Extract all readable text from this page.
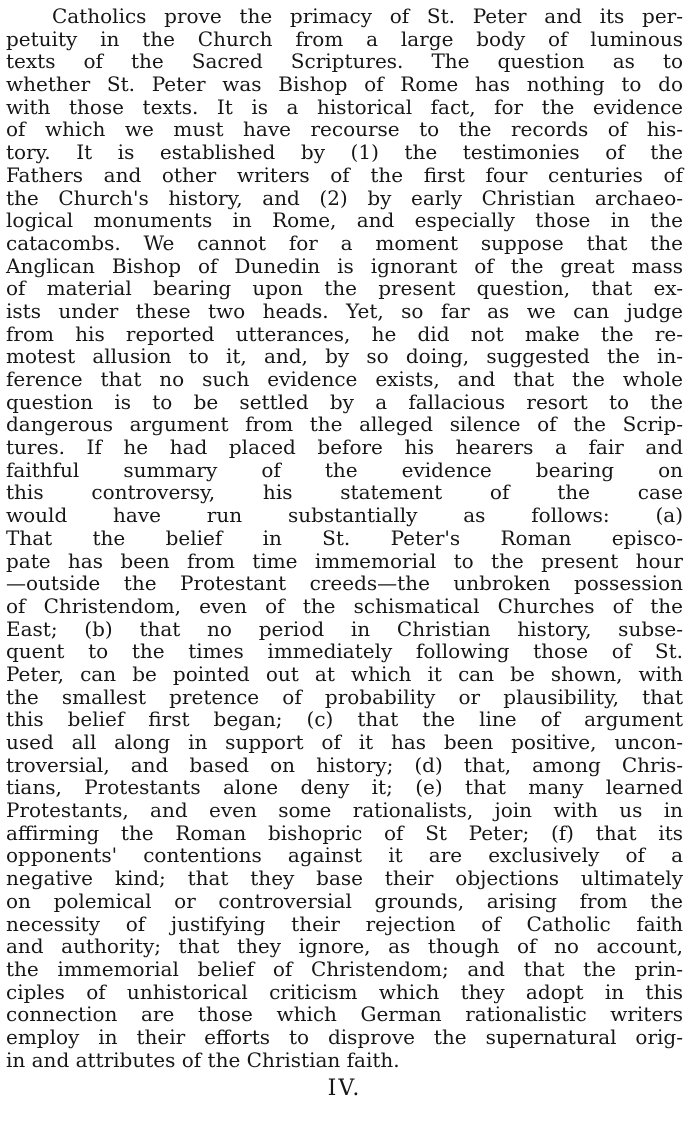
Catholics prove the primacy of St. Peter and its per-
petuity in the Church from a large body of luminous
texts of the Sacred Scriptures. The question as to
whether St. Peter was Bishop of Rome has nothing to do
with those texts. It is a historical fact, for the evidence
of which we must have recourse to the records of his-
tory. It is established by (1) the testimonies of the
Fathers and other writers of the first four centuries of
the Church's history, and (2) by early Christian archaeo-
logical monuments in Rome, and especially those in the
catacombs. We cannot for a moment suppose that the
Anglican Bishop of Dunedin is ignorant of the great mass
of material bearing upon the present question, that ex-
ists under these two heads. Yet, so far as we can judge
from his reported utterances, he did not make the re-
motest allusion to it, and, by so doing, suggested the in-
ference that no such evidence exists, and that the whole
question is to be settled by a fallacious resort to the
dangerous argument from the alleged silence of the Scrip-
tures. If he had placed before his hearers a fair and
faithful summary of the evidence bearing on
this controversy, his statement of the case
would have run substantially as follows: (a)
That the belief in St. Peter's Roman episco-
pate has been from time immemorial to the present hour
—outside the Protestant creeds—the unbroken possession
of Christendom, even of the schismatical Churches of the
East; (b) that no period in Christian history, subse-
quent to the times immediately following those of St.
Peter, can be pointed out at which it can be shown, with
the smallest pretence of probability or plausibility, that
this belief first began; (c) that the line of argument
used all along in support of it has been positive, uncon-
troversial, and based on history; (d) that, among Chris-
tians, Protestants alone deny it; (e) that many learned
Protestants, and even some rationalists, join with us in
affirming the Roman bishopric of St Peter; (f) that its
opponents' contentions against it are exclusively of a
negative kind; that they base their objections ultimately
on polemical or controversial grounds, arising from the
necessity of justifying their rejection of Catholic faith
and authority; that they ignore, as though of no account,
the immemorial belief of Christendom; and that the prin-
ciples of unhistorical criticism which they adopt in this
connection are those which German rationalistic writers
employ in their efforts to disprove the supernatural orig-
in and attributes of the Christian faith.
IV.
